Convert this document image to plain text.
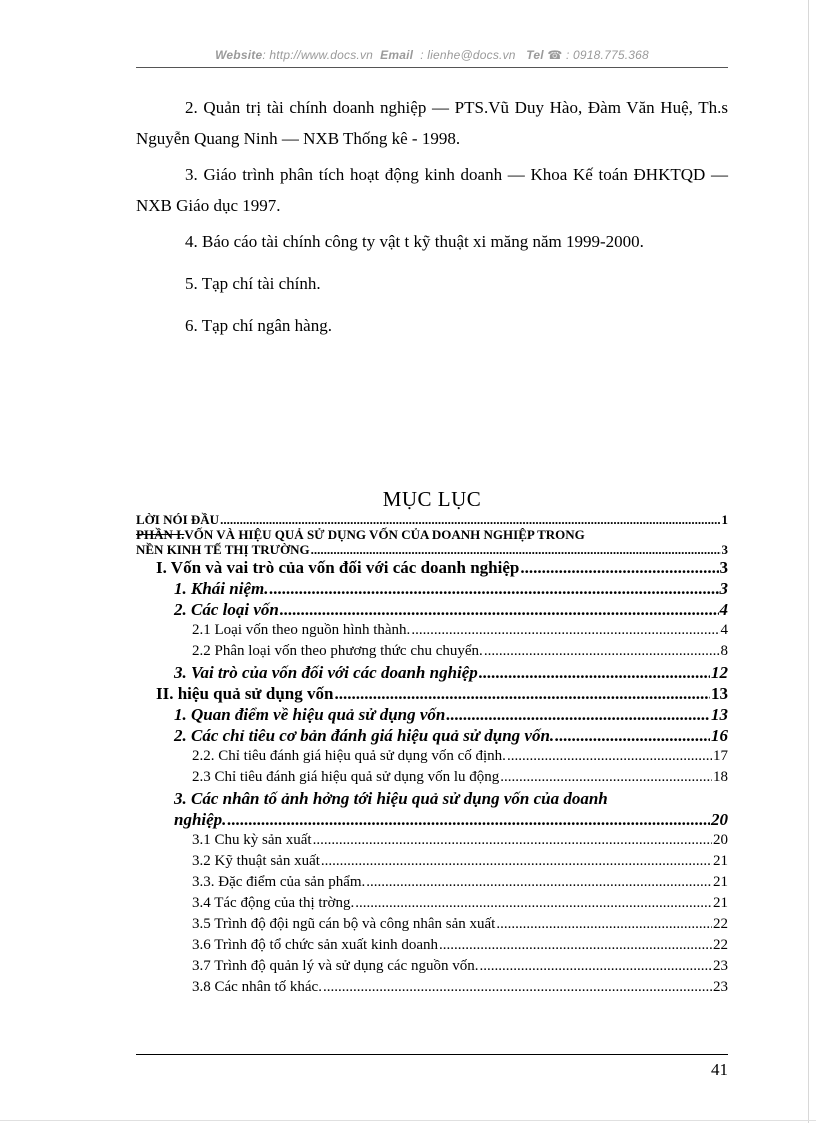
Website: http://www.docs.vn Email : lienhe@docs.vn Tel ☎ : 0918.775.368

2. Quản trị tài chính doanh nghiệp — PTS.Vũ Duy Hào, Đàm Văn Huệ, Th.s Nguyễn Quang Ninh — NXB Thống kê - 1998.

3. Giáo trình phân tích hoạt động kinh doanh — Khoa Kế toán ĐHKTQD — NXB Giáo dục 1997.

4. Báo cáo tài chính công ty vật t kỹ thuật xi măng năm 1999-2000.

5. Tạp chí tài chính.

6. Tạp chí ngân hàng.

MỤC LỤC
LỜI NÓI ĐẦU .....	1
PHẦN I.VỐN VÀ HIỆU QUẢ SỬ DỤNG VỐN CỦA DOANH NGHIỆP TRONG
NỀN KINH TẾ THỊ TRƯỜNG .....	3
I. Vốn và vai trò của vốn đối với các doanh nghiệp .....	3
1. Khái niệm. .....	3
2. Các loại vốn .....	4
2.1 Loại vốn theo nguồn hình thành. .....	4
2.2 Phân loại vốn theo phương thức chu chuyển. .....	8
3. Vai trò của vốn đối với các doanh nghiệp .....	12
II. hiệu quả sử dụng vốn .....	13
1. Quan điểm về hiệu quả sử dụng vốn .....	13
2. Các chỉ tiêu cơ bản đánh giá hiệu quả sử dụng vốn. .....	16
2.2. Chỉ tiêu đánh giá hiệu quả sử dụng vốn cố định. .....	17
2.3 Chỉ tiêu đánh giá hiệu quả sử dụng vốn lu động .....	18
3. Các nhân tố ảnh hởng tới hiệu quả sử dụng vốn của doanh
nghiệp. .....	20
3.1 Chu kỳ sản xuất .....	20
3.2 Kỹ thuật sản xuất .....	21
3.3. Đặc điểm của sản phẩm. .....	21
3.4 Tác động của thị trờng. .....	21
3.5 Trình độ đội ngũ cán bộ và công nhân sản xuất .....	22
3.6 Trình độ tổ chức sản xuất kinh doanh .....	22
3.7 Trình độ quản lý và sử dụng các nguồn vốn. .....	23
3.8 Các nhân tố khác. .....	23
41
